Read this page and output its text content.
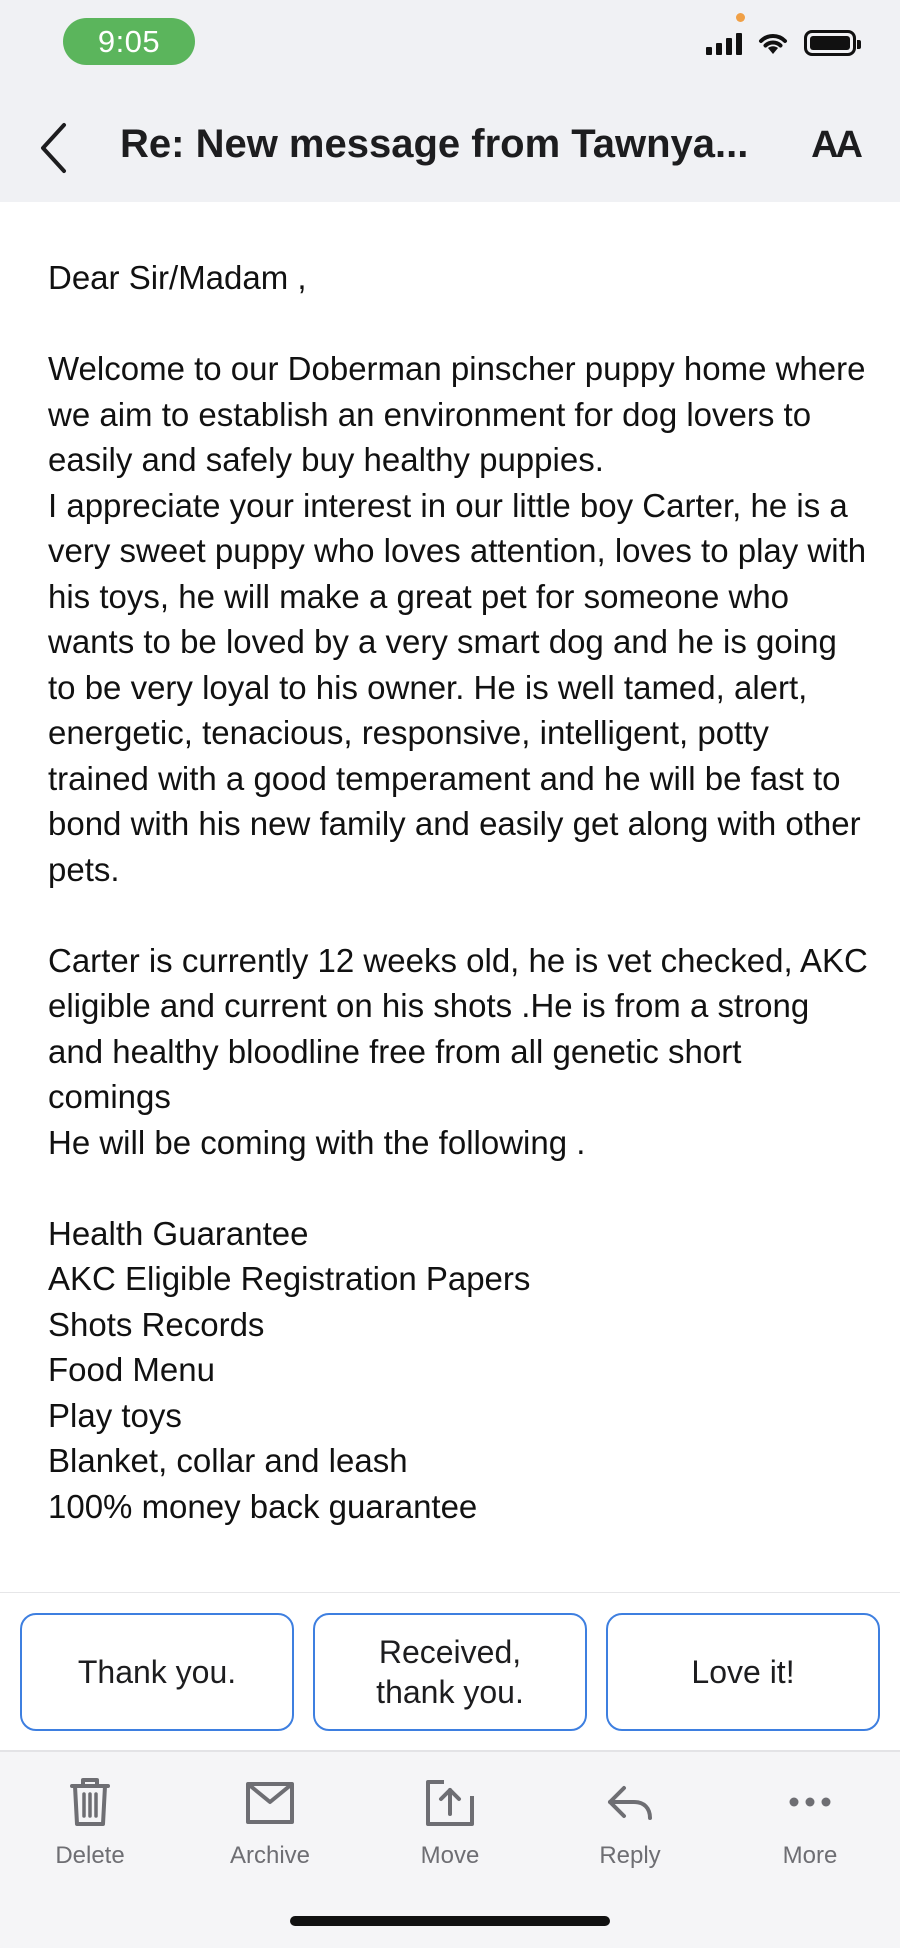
9:05
Re: New message from Tawnya...	AA
Dear Sir/Madam ,

Welcome to our Doberman pinscher puppy home where we aim to establish an environment for dog lovers to easily and safely buy healthy puppies.
I appreciate your interest in our little boy Carter, he is a very sweet puppy who loves attention, loves to play with his toys, he will make a great pet for someone who wants to be loved by a very smart dog and he is going to be very loyal to his owner. He is well tamed, alert, energetic, tenacious, responsive, intelligent, potty trained with a good temperament and he will be fast to bond with his new family and easily get along with other pets.

Carter is currently 12 weeks old, he is vet checked, AKC eligible and current on his shots .He is from a strong and healthy bloodline free from all genetic short comings
He will be coming with the following .

Health Guarantee
AKC Eligible Registration Papers
Shots Records
Food Menu
Play toys
Blanket, collar and leash
100% money back guarantee
Thank you.
Received,
thank you.
Love it!
Delete	Archive	Move	Reply	More
